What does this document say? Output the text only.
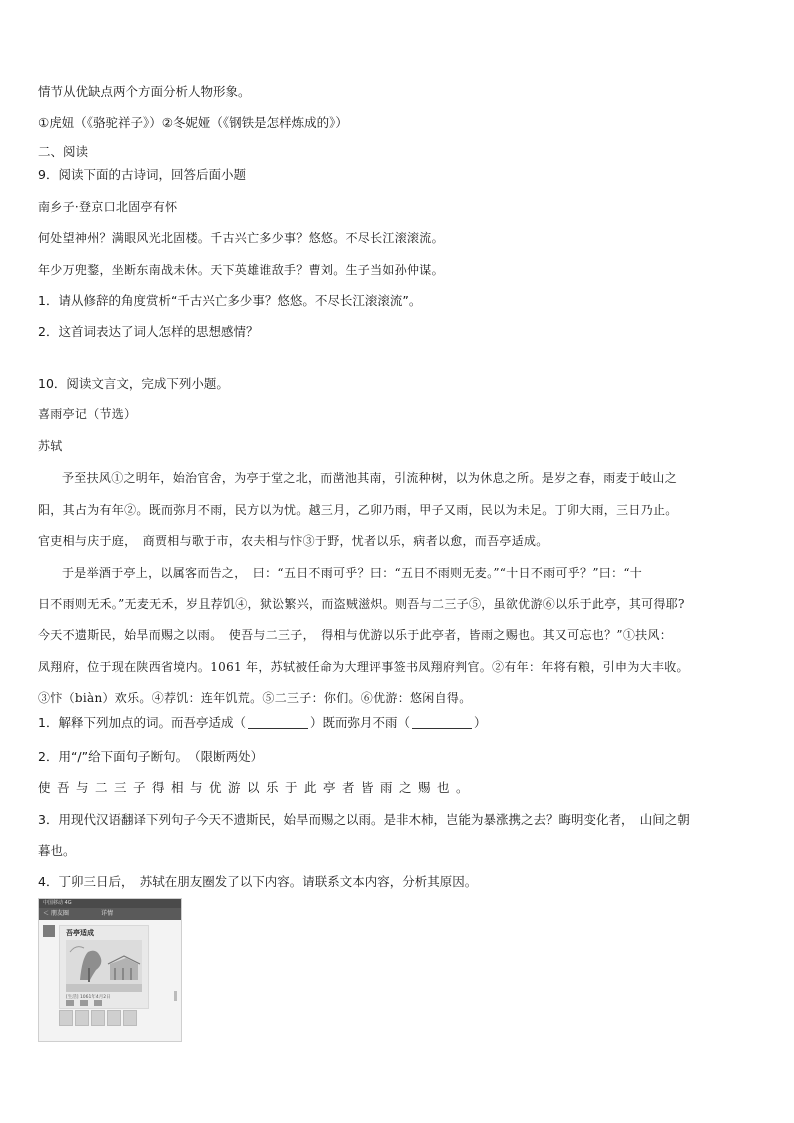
情节从优缺点两个方面分析人物形象。
①虎妞（《骆驼祥子》）②冬妮娅（《钢铁是怎样炼成的》）
二、阅读
9．阅读下面的古诗词，回答后面小题
南乡子·登京口北固亭有怀
何处望神州？满眼风光北固楼。千古兴亡多少事？悠悠。不尽长江滚滚流。
年少万兜鍪，坐断东南战未休。天下英雄谁敌手？曹刘。生子当如孙仲谋。
1．请从修辞的角度赏析“千古兴亡多少事？悠悠。不尽长江滚滚流”。
2．这首词表达了词人怎样的思想感情？
10．阅读文言文，完成下列小题。
喜雨亭记（节选）
苏轼
予至扶风①之明年，始治官舍，为亭于堂之北，而凿池其南，引流种树，以为休息之所。是岁之春，雨麦于岐山之
阳，其占为有年②。既而弥月不雨，民方以为忧。越三月，乙卯乃雨，甲子又雨，民以为未足。丁卯大雨，三日乃止。
官吏相与庆于庭，　商贾相与歌于市，农夫相与忭③于野，忧者以乐，病者以愈，而吾亭适成。
于是举酒于亭上，以属客而告之，　曰：“五日不雨可乎？曰：“五日不雨则无麦。”“十日不雨可乎？”曰：“十
日不雨则无禾。”无麦无禾，岁且荐饥④，狱讼繁兴，而盗贼滋炽。则吾与二三子⑤，虽欲优游⑥以乐于此亭，其可得耶?
今天不遗斯民，始旱而赐之以雨。　使吾与二三子，　得相与优游以乐于此亭者，皆雨之赐也。其又可忘也？”①扶风：
凤翔府，位于现在陕西省境内。1061 年，苏轼被任命为大理评事签书凤翔府判官。②有年：年将有粮，引申为大丰收。
③忭（biàn）欢乐。④荐饥：连年饥荒。⑤二三子：你们。⑥优游：悠闲自得。
1．解释下列加点的词。而吾亭适成（	）既而弥月不雨（	）
2．用“/”给下面句子断句。　（限断两处）
使吾与二三子得相与优游以乐于此亭者皆雨之赐也。
3．用现代汉语翻译下列句子今天不遗斯民，始旱而赐之以雨。是非木柿，岂能为暴涨携之去？晦明变化者，　山间之朝
暮也。
4．丁卯三日后，　苏轼在朋友圈发了以下内容。请联系文本内容，分析其原因。
中国移动 4G
＜ 朋友圈	详情
吾亭适成
[生活] 1061年4月2日
